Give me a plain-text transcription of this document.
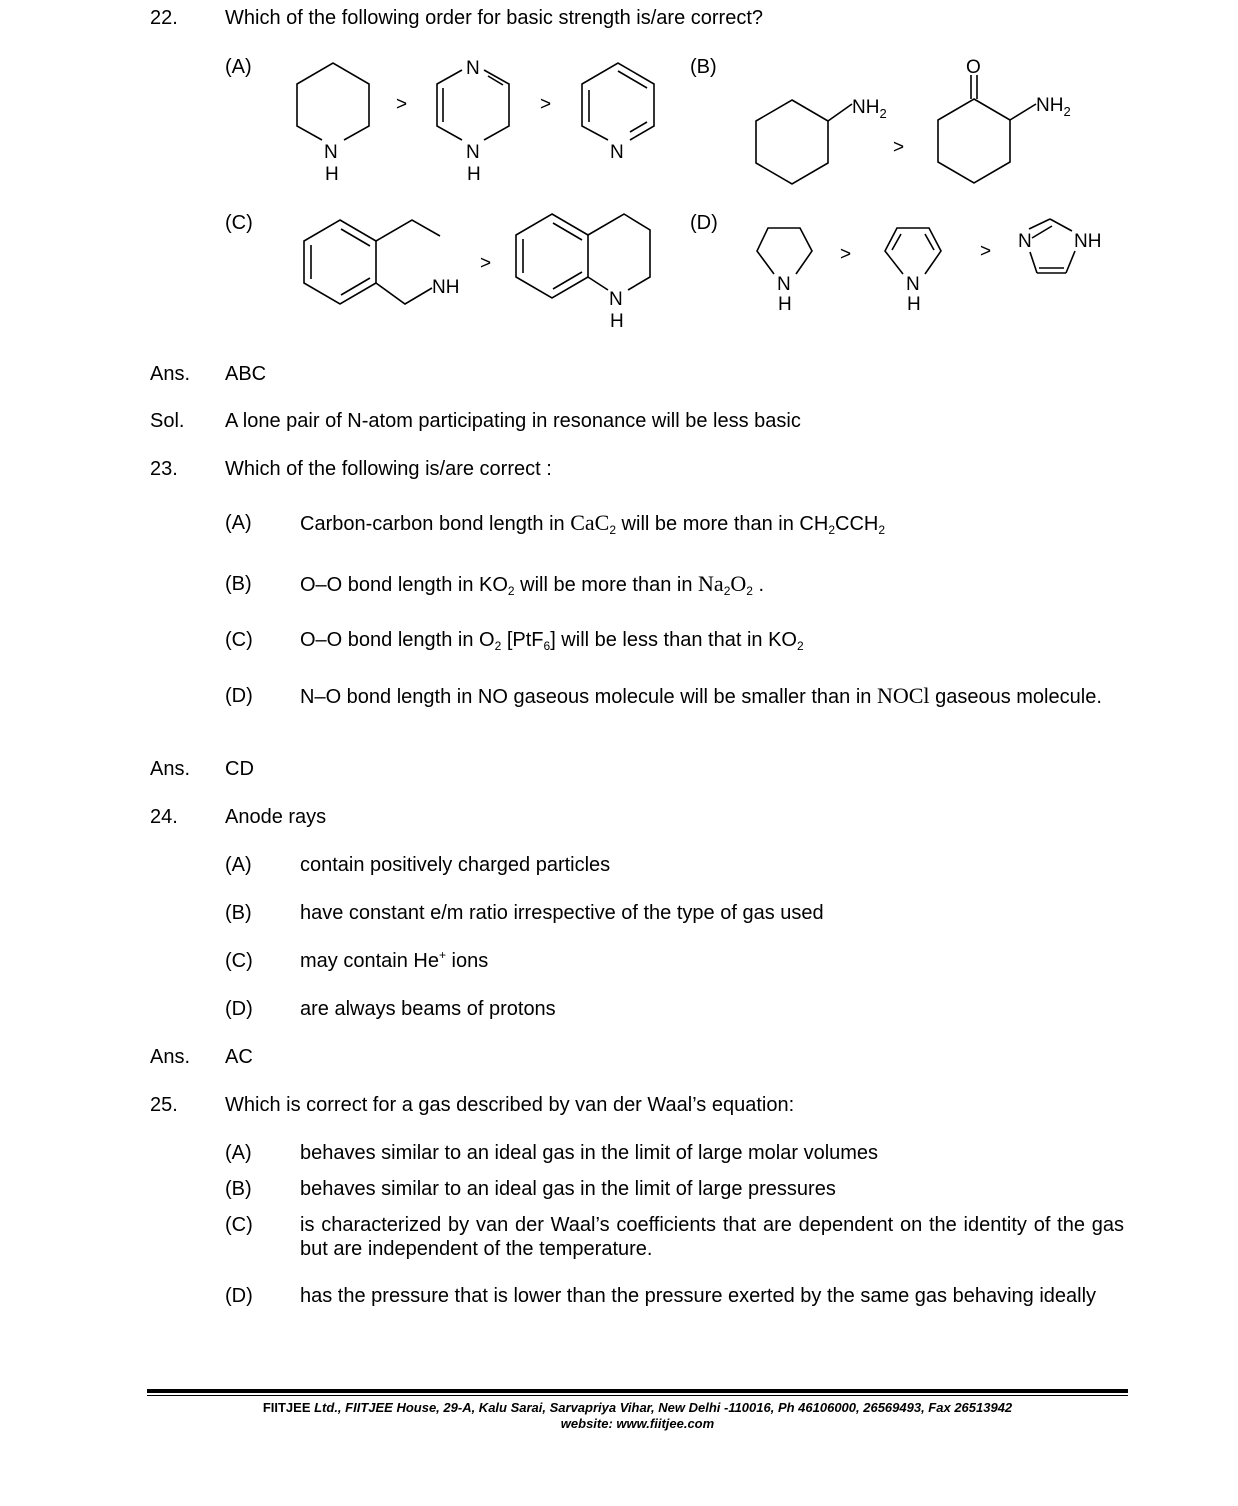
22. Which of the following order for basic strength is/are correct?
(A)	(B)
(C)	(D)
N
H
>
N
N
H
>
N
$NH_2$
>
O
$NH_2$
NH
>
N
H
N
H
>
N
H
> N NH
Ans. ABC
Sol. A lone pair of N-atom participating in resonance will be less basic
23. Which of the following is/are correct :
(A) Carbon-carbon bond length in CaC$_2$ will be more than in $CH_2CCH_2$
(B) O–O bond length in $KO_2$ will be more than in $Na_2O_2$ .
(C) O–O bond length in $O_2$ [PtF$_6$] will be less than that in $KO_2$
(D) N–O bond length in NO gaseous molecule will be smaller than in NOCl gaseous molecule.
Ans. CD
24. Anode rays
(A) contain positively charged particles
(B) have constant e/m ratio irrespective of the type of gas used
(C) may contain He+ ions
(D) are always beams of protons
Ans. AC
25. Which is correct for a gas described by van der Waal’s equation:
(A) behaves similar to an ideal gas in the limit of large molar volumes
(B) behaves similar to an ideal gas in the limit of large pressures
(C) is characterized by van der Waal’s coefficients that are dependent on the identity of the gas but are independent of the temperature.
(D) has the pressure that is lower than the pressure exerted by the same gas behaving ideally
FIITJEE Ltd., FIITJEE House, 29-A, Kalu Sarai, Sarvapriya Vihar, New Delhi -110016, Ph 46106000, 26569493, Fax 26513942
website: www.fiitjee.com
